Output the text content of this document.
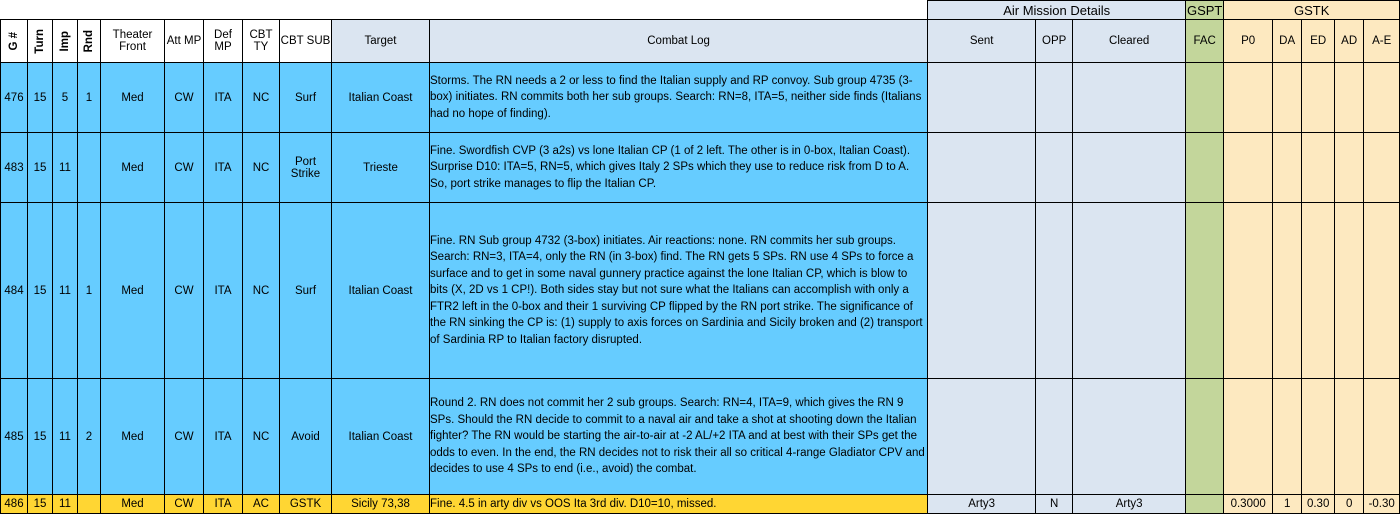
											Air Mission Details			GSPT	GSTK				

G #	Turn	Imp	Rnd	Theater Front	Att MP	Def MP	CBT TY	CBT SUB	Target	Combat Log	Sent	OPP	Cleared	FAC	P0	DA	ED	AD	A-E
476	15	5	1	Med	CW	ITA	NC	Surf	Italian Coast	Storms. The RN needs a 2 or less to find the Italian supply and RP convoy. Sub group 4735 (3-box) initiates. RN commits both her sub groups. Search: RN=8, ITA=5, neither side finds (Italians had no hope of finding).									
483	15	11		Med	CW	ITA	NC	Port Strike	Trieste	Fine. Swordfish CVP (3 a2s) vs lone Italian CP (1 of 2 left. The other is in 0-box, Italian Coast). Surprise D10: ITA=5, RN=5, which gives Italy 2 SPs which they use to reduce risk from D to A. So, port strike manages to flip the Italian CP.									
484	15	11	1	Med	CW	ITA	NC	Surf	Italian Coast	Fine. RN Sub group 4732 (3-box) initiates. Air reactions: none. RN commits her sub groups. Search: RN=3, ITA=4, only the RN (in 3-box) find. The RN gets 5 SPs. RN use 4 SPs to force a surface and to get in some naval gunnery practice against the lone Italian CP, which is blow to bits (X, 2D vs 1 CP!). Both sides stay but not sure what the Italians can accomplish with only a FTR2 left in the 0-box and their 1 surviving CP flipped by the RN port strike. The significance of the RN sinking the CP is: (1) supply to axis forces on Sardinia and Sicily broken and (2) transport of Sardinia RP to Italian factory disrupted.									
485	15	11	2	Med	CW	ITA	NC	Avoid	Italian Coast	Round 2. RN does not commit her 2 sub groups. Search: RN=4, ITA=9, which gives the RN 9 SPs. Should the RN decide to commit to a naval air and take a shot at shooting down the Italian fighter? The RN would be starting the air-to-air at -2 AL/+2 ITA and at best with their SPs get the odds to even. In the end, the RN decides not to risk their all so critical 4-range Gladiator CPV and decides to use 4 SPs to end (i.e., avoid) the combat.									
486	15	11		Med	CW	ITA	AC	GSTK	Sicily 73,38	Fine. 4.5 in arty div vs OOS Ita 3rd div. D10=10, missed.	Arty3	N	Arty3		0.3000	1	0.30	0	-0.30
